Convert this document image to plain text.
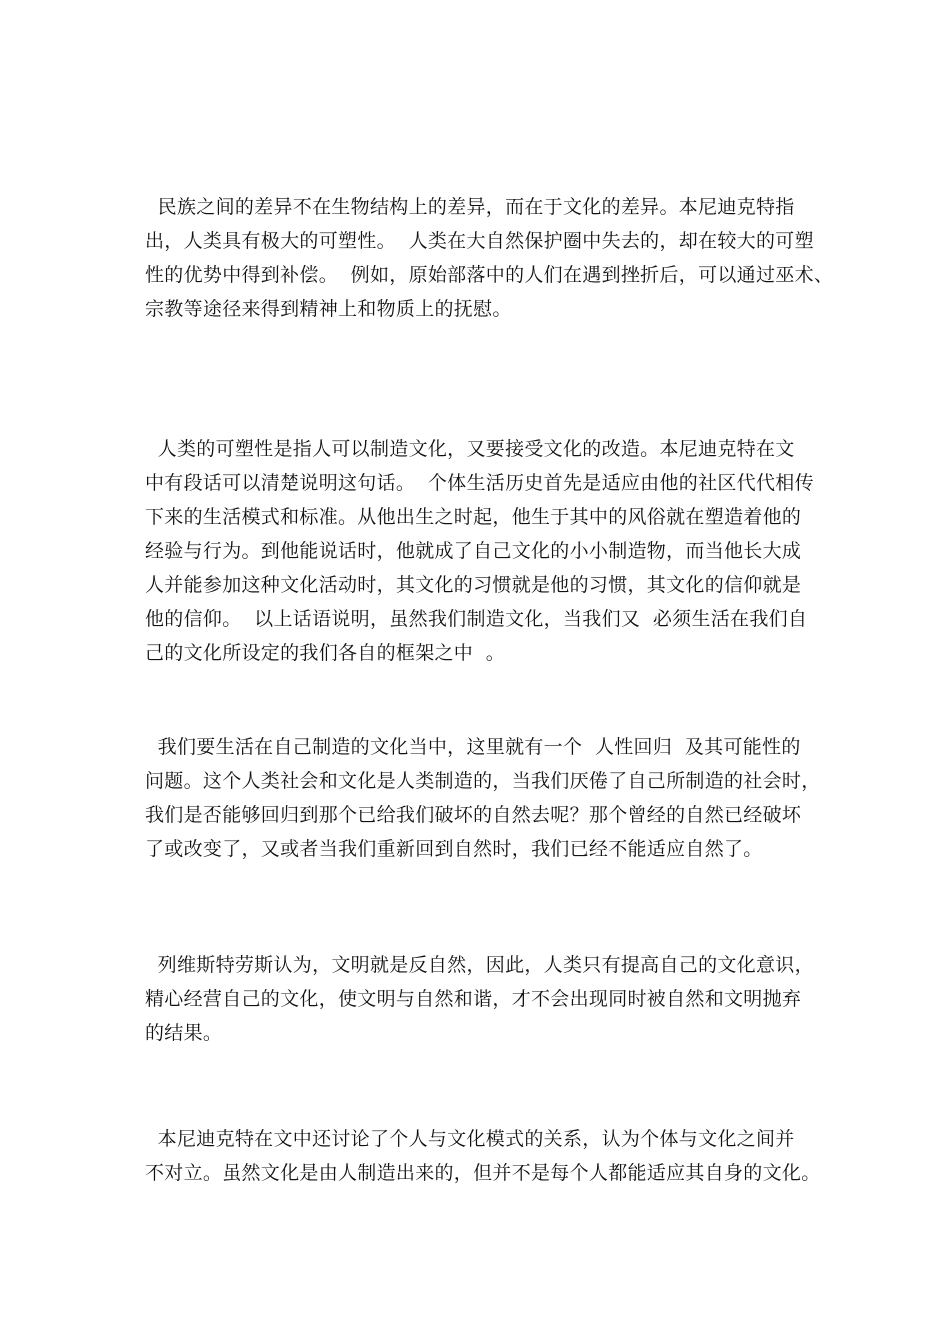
民族之间的差异不在生物结构上的差异，而在于文化的差异。本尼迪克特指
出，人类具有极大的可塑性。  人类在大自然保护圈中失去的，却在较大的可塑
性的优势中得到补偿。  例如，原始部落中的人们在遇到挫折后，可以通过巫术、
宗教等途径来得到精神上和物质上的抚慰。
人类的可塑性是指人可以制造文化，又要接受文化的改造。本尼迪克特在文
中有段话可以清楚说明这句话。  个体生活历史首先是适应由他的社区代代相传
下来的生活模式和标准。从他出生之时起，他生于其中的风俗就在塑造着他的
经验与行为。到他能说话时，他就成了自己文化的小小制造物，而当他长大成
人并能参加这种文化活动时，其文化的习惯就是他的习惯，其文化的信仰就是
他的信仰。  以上话语说明，虽然我们制造文化，当我们又  必须生活在我们自
己的文化所设定的我们各自的框架之中  。
我们要生活在自己制造的文化当中，这里就有一个  人性回归  及其可能性的
问题。这个人类社会和文化是人类制造的，当我们厌倦了自己所制造的社会时，
我们是否能够回归到那个已给我们破坏的自然去呢？那个曾经的自然已经破坏
了或改变了，又或者当我们重新回到自然时，我们已经不能适应自然了。
列维斯特劳斯认为，文明就是反自然，因此，人类只有提高自己的文化意识，
精心经营自己的文化，使文明与自然和谐，才不会出现同时被自然和文明抛弃
的结果。
本尼迪克特在文中还讨论了个人与文化模式的关系，认为个体与文化之间并
不对立。虽然文化是由人制造出来的，但并不是每个人都能适应其自身的文化。
